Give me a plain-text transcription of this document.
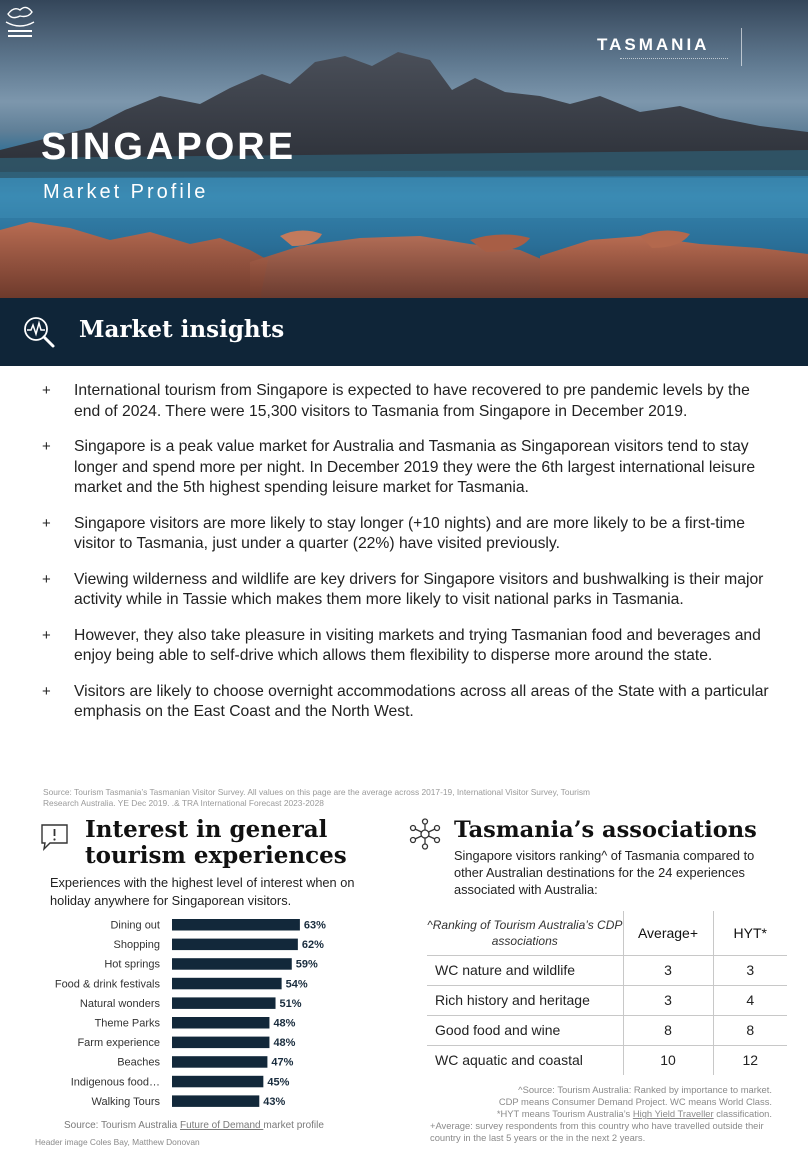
SINGAPORE
Market Profile
TASMANIA
Market insights
+ International tourism from Singapore is expected to have recovered to pre pandemic levels by the end of 2024. There were 15,300 visitors to Tasmania from Singapore in December 2019.
+ Singapore is a peak value market for Australia and Tasmania as Singaporean visitors tend to stay longer and spend more per night. In December 2019 they were the 6th largest international leisure market and the 5th highest spending leisure market for Tasmania.
+ Singapore visitors are more likely to stay longer (+10 nights) and are more likely to be a first-time visitor to Tasmania, just under a quarter (22%) have visited previously.
+ Viewing wilderness and wildlife are key drivers for Singapore visitors and bushwalking is their major activity while in Tassie which makes them more likely to visit national parks in Tasmania.
+ However, they also take pleasure in visiting markets and trying Tasmanian food and beverages and enjoy being able to self-drive which allows them flexibility to disperse more around the state.
+ Visitors are likely to choose overnight accommodations across all areas of the State with a particular emphasis on the East Coast and the North West.
Source: Tourism Tasmania’s Tasmanian Visitor Survey. All values on this page are the average across 2017-19, International Visitor Survey, Tourism Research Australia. YE Dec 2019. .& TRA International Forecast 2023-2028
Interest in general
tourism experiences
Experiences with the highest level of interest when on holiday anywhere for Singaporean visitors.
Dining out	63%
Shopping	62%
Hot springs	59%
Food & drink festivals	54%
Natural wonders	51%
Theme Parks	48%
Farm experience	48%
Beaches	47%
Indigenous food…	45%
Walking Tours	43%
Source: Tourism Australia Future of Demand market profile
Header image Coles Bay, Matthew Donovan
Tasmania’s associations
Singapore visitors ranking^ of Tasmania compared to other Australian destinations for the 24 experiences associated with Australia:
^Ranking of Tourism Australia’s CDP associations	Average+	HYT*
WC nature and wildlife	3	3
Rich history and heritage	3	4
Good food and wine	8	8
WC aquatic and coastal	10	12
^Source: Tourism Australia: Ranked by importance to market.
CDP means Consumer Demand Project. WC means World Class.
*HYT means Tourism Australia’s High Yield Traveller classification.
+Average: survey respondents from this country who have travelled outside their country in the last 5 years or the in the next 2 years.
